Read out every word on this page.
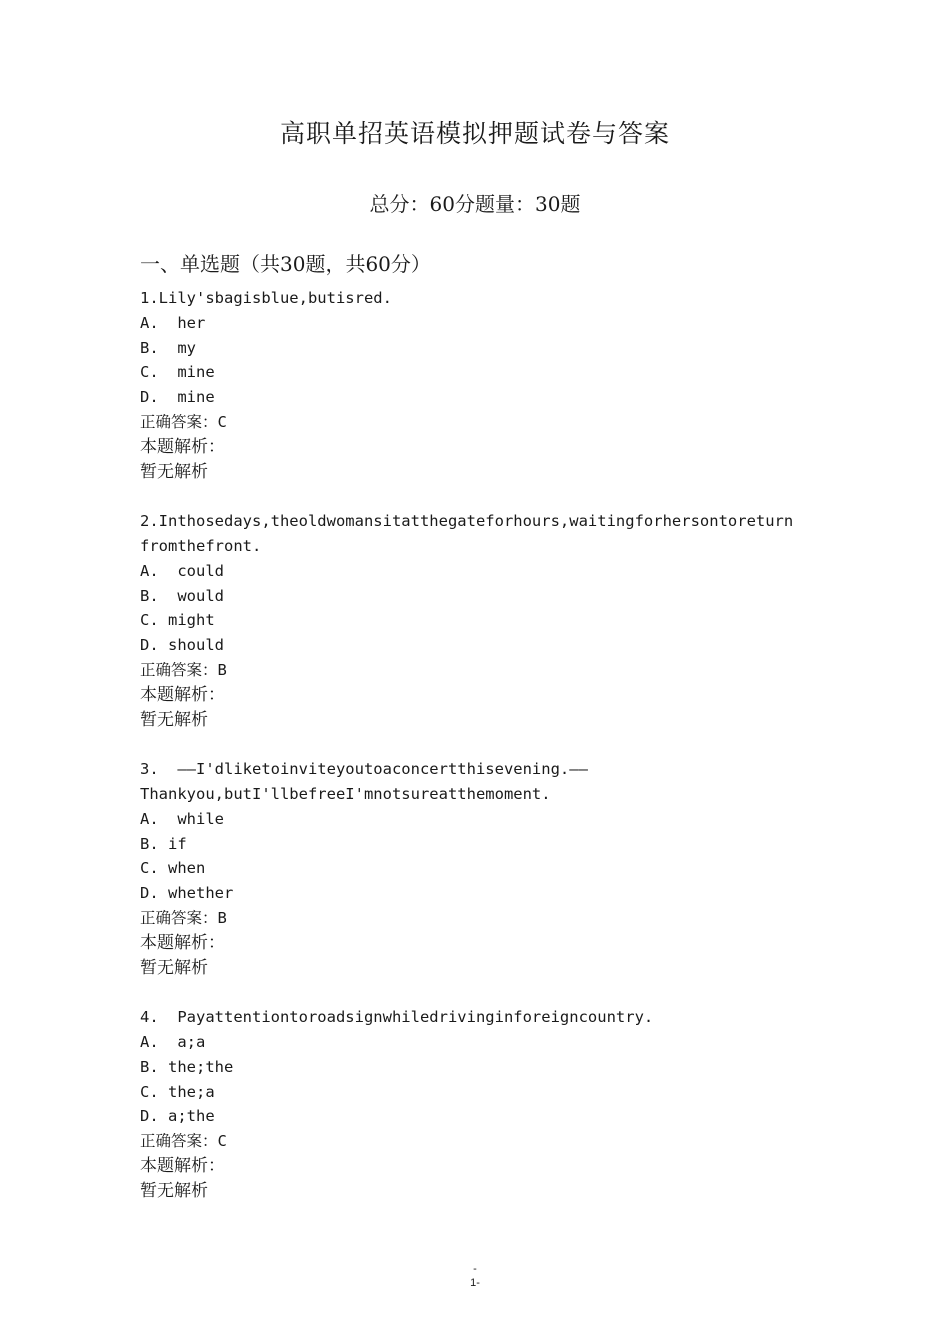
高职单招英语模拟押题试卷与答案
总分：60分题量：30题
一、单选题（共30题，共60分）
1.Lily'sbagisblue,butisred.
A.  her
B.  my
C.  mine
D.  mine
正确答案：C
本题解析：
暂无解析
2.Inthosedays,theoldwomansitatthegateforhours,waitingforhersontoreturn
fromthefront.
A.  could
B.  would
C. might
D. should
正确答案：B
本题解析：
暂无解析
3.  ——I'dliketoinviteyoutoaconcertthisevening.——
Thankyou,butI'llbefreeI'mnotsureatthemoment.
A.  while
B. if
C. when
D. whether
正确答案：B
本题解析：
暂无解析
4.  Payattentiontoroadsignwhiledrivinginforeigncountry.
A.  a;a
B. the;the
C. the;a
D. a;the
正确答案：C
本题解析：
暂无解析
-
1-
